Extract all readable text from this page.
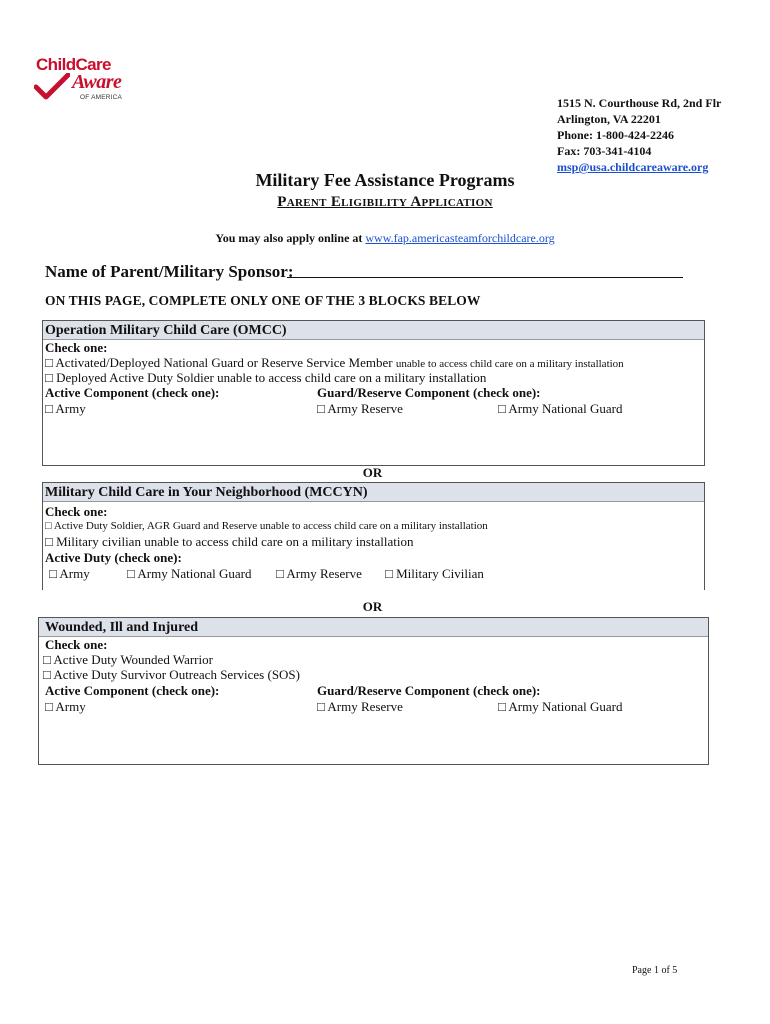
ChildCare
Aware
OF AMERICA	1515 N. Courthouse Rd, 2nd Flr
Arlington, VA 22201
Phone: 1-800-424-2246
Fax: 703-341-4104
msp@usa.childcareaware.org
Military Fee Assistance Programs
Parent Eligibility Application
You may also apply online at www.fap.americasteamforchildcare.org
Name of Parent/Military Sponsor:
ON THIS PAGE, COMPLETE ONLY ONE OF THE 3 BLOCKS BELOW
Operation Military Child Care (OMCC)
Check one:
□ Activated/Deployed National Guard or Reserve Service Member unable to access child care on a military installation
□ Deployed Active Duty Soldier unable to access child care on a military installation
Active Component (check one):	Guard/Reserve Component (check one):
□ Army	□ Army Reserve	□ Army National Guard
OR
Military Child Care in Your Neighborhood (MCCYN)
Check one:
□ Active Duty Soldier, AGR Guard and Reserve unable to access child care on a military installation
□ Military civilian unable to access child care on a military installation
Active Duty (check one):
□ Army	□ Army National Guard □ Army Reserve □ Military Civilian
OR
Wounded, Ill and Injured
Check one:
□ Active Duty Wounded Warrior
□ Active Duty Survivor Outreach Services (SOS)
Active Component (check one):	Guard/Reserve Component (check one):
□ Army	□ Army Reserve	□ Army National Guard
Page 1 of 5
